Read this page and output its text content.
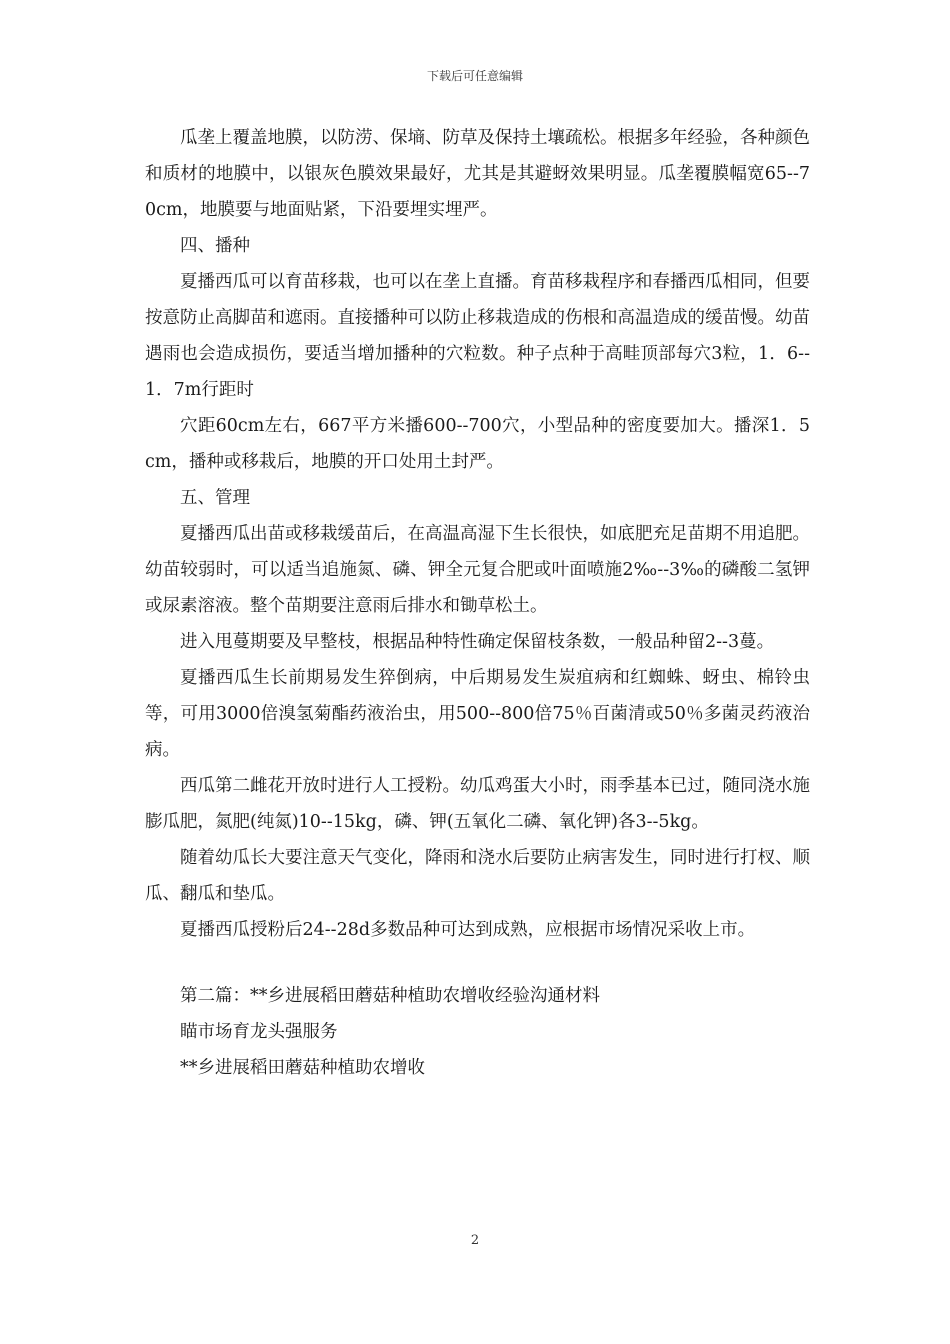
下载后可任意编辑

瓜垄上覆盖地膜，以防涝、保墒、防草及保持土壤疏松。根据多年经验，各种颜色和质材的地膜中，以银灰色膜效果最好，尤其是其避蚜效果明显。瓜垄覆膜幅宽65--70cm，地膜要与地面贴紧，下沿要埋实埋严。

四、播种

夏播西瓜可以育苗移栽，也可以在垄上直播。育苗移栽程序和春播西瓜相同，但要按意防止高脚苗和遮雨。直接播种可以防止移栽造成的伤根和高温造成的缓苗慢。幼苗遇雨也会造成损伤，要适当增加播种的穴粒数。种子点种于高畦顶部每穴3粒，1．6--1．7m行距时

穴距60cm左右，667平方米播600--700穴，小型品种的密度要加大。播深1．5cm，播种或移栽后，地膜的开口处用土封严。

五、管理

夏播西瓜出苗或移栽缓苗后，在高温高湿下生长很快，如底肥充足苗期不用追肥。幼苗较弱时，可以适当追施氮、磷、钾全元复合肥或叶面喷施2‰--3‰的磷酸二氢钾或尿素溶液。整个苗期要注意雨后排水和锄草松土。

进入甩蔓期要及早整枝，根据品种特性确定保留枝条数，一般品种留2--3蔓。

夏播西瓜生长前期易发生猝倒病，中后期易发生炭疽病和红蜘蛛、蚜虫、棉铃虫等，可用3000倍溴氢菊酯药液治虫，用500--800倍75％百菌清或50％多菌灵药液治病。

西瓜第二雌花开放时进行人工授粉。幼瓜鸡蛋大小时，雨季基本已过，随同浇水施膨瓜肥，氮肥(纯氮)10--15kg，磷、钾(五氧化二磷、氧化钾)各3--5kg。

随着幼瓜长大要注意天气变化，降雨和浇水后要防止病害发生，同时进行打杈、顺瓜、翻瓜和垫瓜。

夏播西瓜授粉后24--28d多数品种可达到成熟，应根据市场情况采收上市。

第二篇：**乡进展稻田蘑菇种植助农增收经验沟通材料

瞄市场育龙头强服务

**乡进展稻田蘑菇种植助农增收

2
